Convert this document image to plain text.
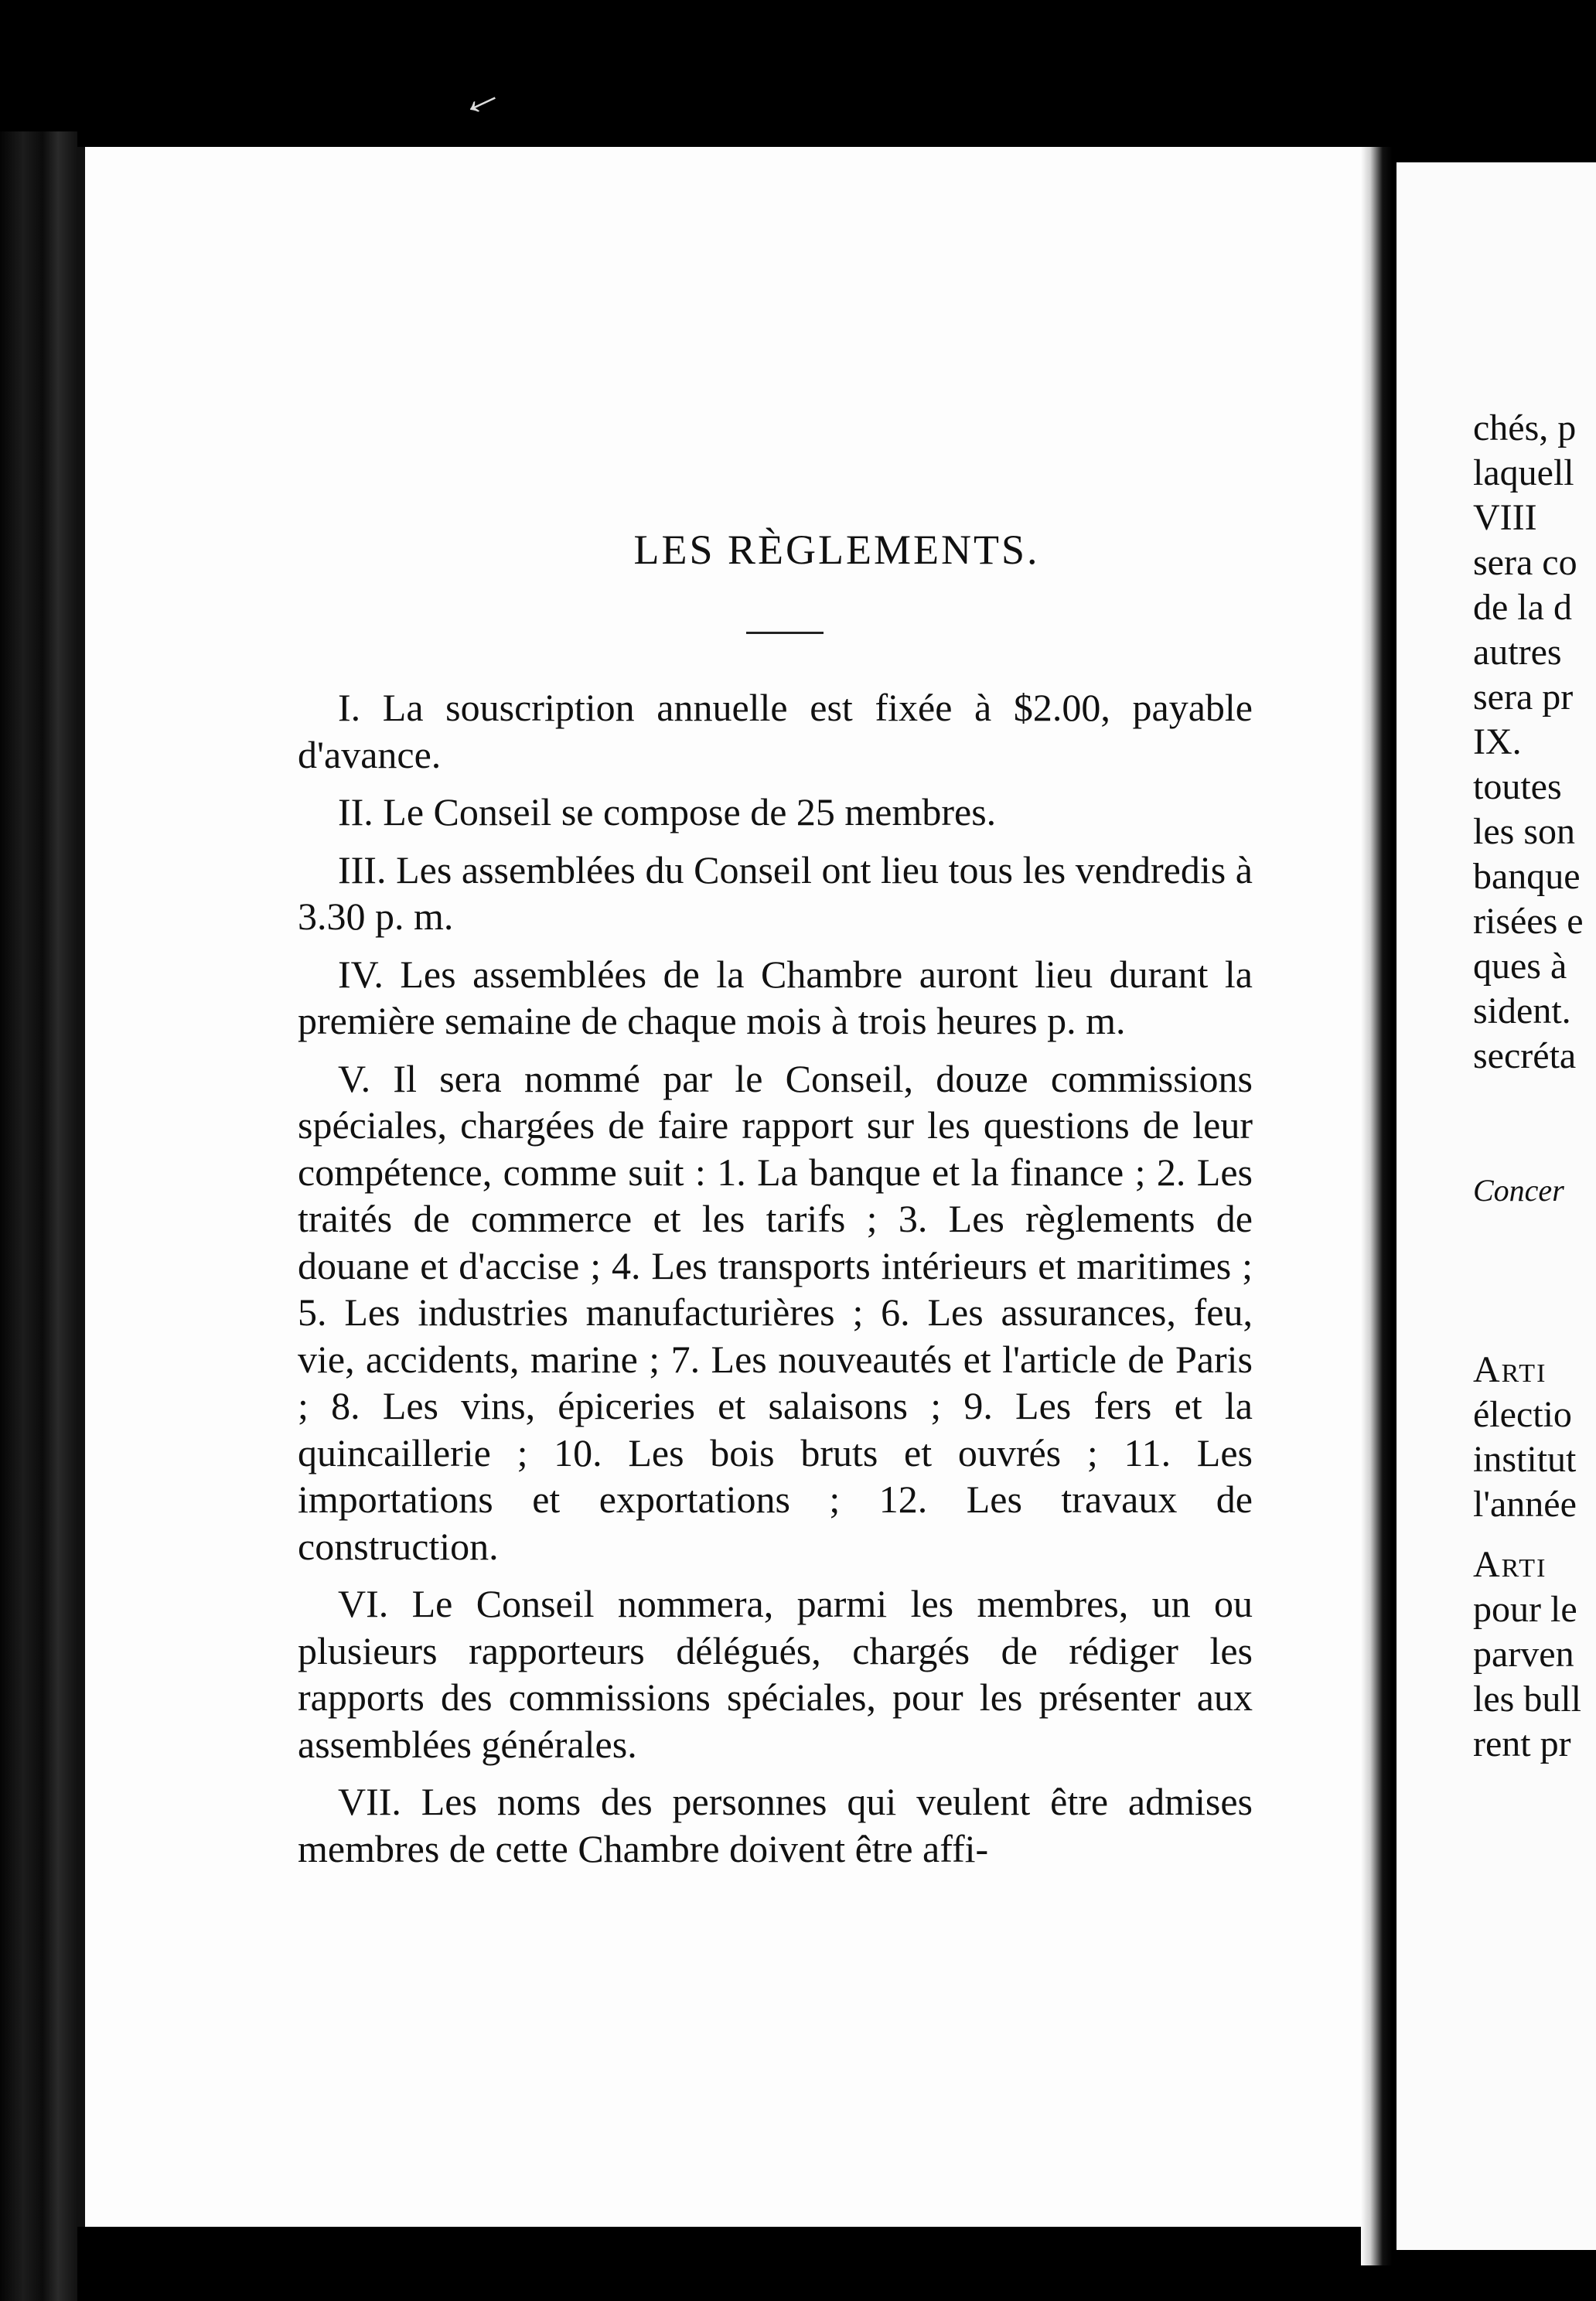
←
LES RÈGLEMENTS.

I. La souscription annuelle est fixée à $2.00, payable d'avance.

II. Le Conseil se compose de 25 membres.

III. Les assemblées du Conseil ont lieu tous les vendredis à 3.30 p. m.

IV. Les assemblées de la Chambre auront lieu durant la première semaine de chaque mois à trois heures p. m.

V. Il sera nommé par le Conseil, douze commissions spéciales, chargées de faire rapport sur les questions de leur compétence, comme suit : 1. La banque et la finance ; 2. Les traités de commerce et les tarifs ; 3. Les règlements de douane et d'accise ; 4. Les transports intérieurs et maritimes ; 5. Les industries manufacturières ; 6. Les assurances, feu, vie, accidents, marine ; 7. Les nouveautés et l'article de Paris ; 8. Les vins, épiceries et salaisons ; 9. Les fers et la quincaillerie ; 10. Les bois bruts et ouvrés ; 11. Les importations et exportations ; 12. Les travaux de construction.

VI. Le Conseil nommera, parmi les membres, un ou plusieurs rapporteurs délégués, chargés de rédiger les rapports des commissions spéciales, pour les présenter aux assemblées générales.

VII. Les noms des personnes qui veulent être admises membres de cette Chambre doivent être affi-

chés, p
laquell
VIII
sera co
de la d
autres
sera pr
IX.
toutes
les son
banque
risées e
ques à
sident.
secréta
Concer
Arti
électio
institut
l'année
Arti
pour le
parven
les bull
rent pr
